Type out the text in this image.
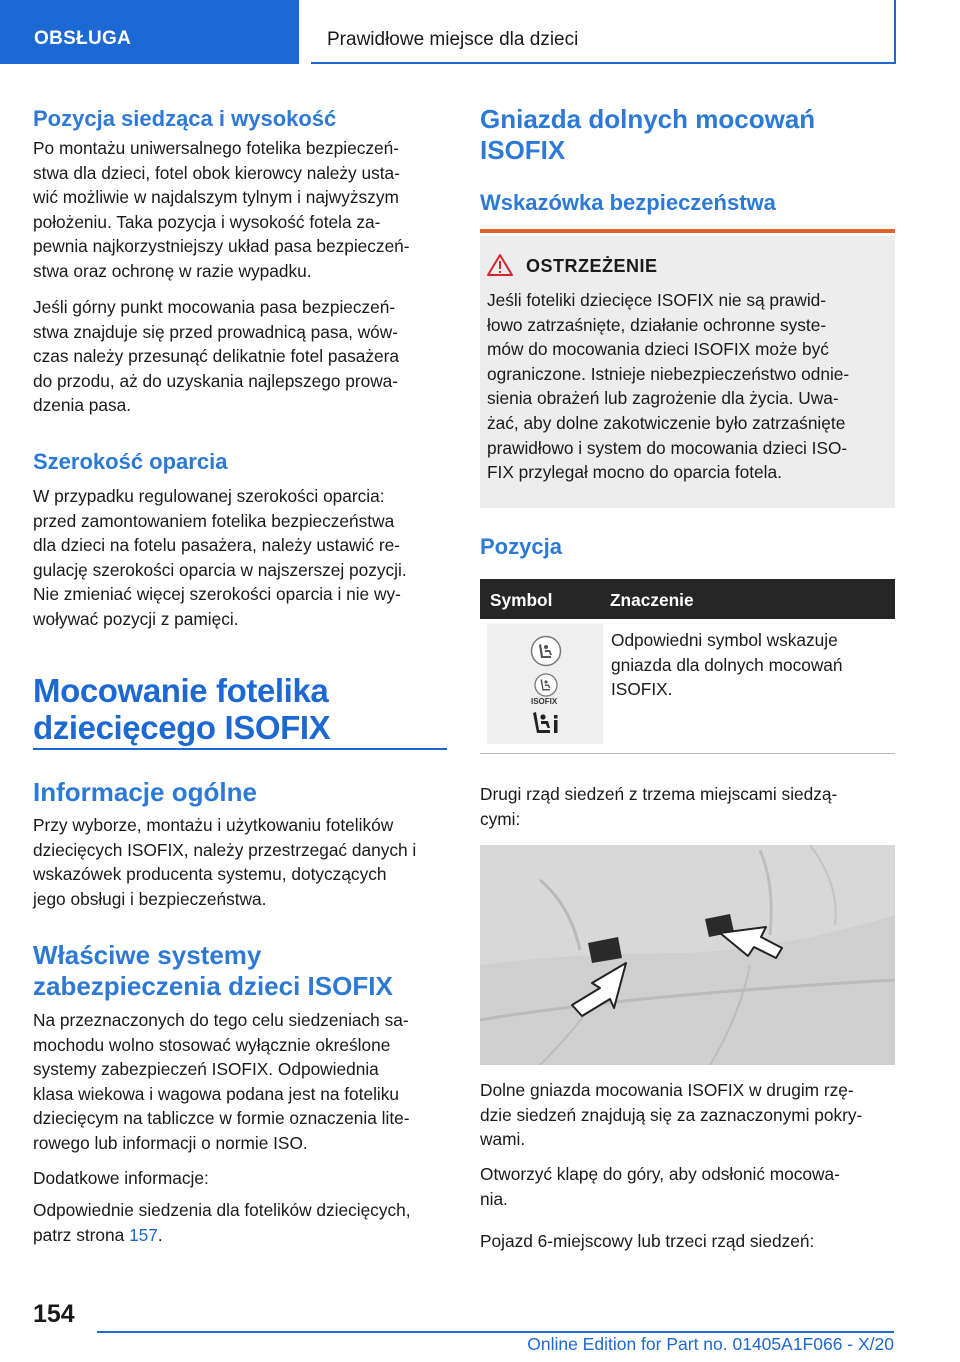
OBSŁUGA	Prawidłowe miejsce dla dzieci
Pozycja siedząca i wysokość
Po montażu uniwersalnego fotelika bezpieczeń‐
stwa dla dzieci, fotel obok kierowcy należy usta‐
wić możliwie w najdalszym tylnym i najwyższym
położeniu. Taka pozycja i wysokość fotela za‐
pewnia najkorzystniejszy układ pasa bezpieczeń‐
stwa oraz ochronę w razie wypadku.
Jeśli górny punkt mocowania pasa bezpieczeń‐
stwa znajduje się przed prowadnicą pasa, wów‐
czas należy przesunąć delikatnie fotel pasażera
do przodu, aż do uzyskania najlepszego prowa‐
dzenia pasa.
Szerokość oparcia
W przypadku regulowanej szerokości oparcia:
przed zamontowaniem fotelika bezpieczeństwa
dla dzieci na fotelu pasażera, należy ustawić re‐
gulację szerokości oparcia w najszerszej pozycji.
Nie zmieniać więcej szerokości oparcia i nie wy‐
woływać pozycji z pamięci.
Mocowanie fotelika
dziecięcego ISOFIX
Informacje ogólne
Przy wyborze, montażu i użytkowaniu fotelików
dziecięcych ISOFIX, należy przestrzegać danych i
wskazówek producenta systemu, dotyczących
jego obsługi i bezpieczeństwa.
Właściwe systemy
zabezpieczenia dzieci ISOFIX
Na przeznaczonych do tego celu siedzeniach sa‐
mochodu wolno stosować wyłącznie określone
systemy zabezpieczeń ISOFIX. Odpowiednia
klasa wiekowa i wagowa podana jest na foteliku
dziecięcym na tabliczce w formie oznaczenia lite‐
rowego lub informacji o normie ISO.
Dodatkowe informacje:
Odpowiednie siedzenia dla fotelików dziecięcych,
patrz strona 157.
Gniazda dolnych mocowań
ISOFIX
Wskazówka bezpieczeństwa
OSTRZEŻENIE
Jeśli foteliki dziecięce ISOFIX nie są prawid‐
łowo zatrzaśnięte, działanie ochronne syste‐
mów do mocowania dzieci ISOFIX może być
ograniczone. Istnieje niebezpieczeństwo odnie‐
sienia obrażeń lub zagrożenie dla życia. Uwa‐
żać, aby dolne zakotwiczenie było zatrzaśnięte
prawidłowo i system do mocowania dzieci ISO‐
FIX przylegał mocno do oparcia fotela.
Pozycja
Symbol	Znaczenie
ISOFIX
Odpowiedni symbol wskazuje
gniazda dla dolnych mocowań
ISOFIX.
Drugi rząd siedzeń z trzema miejscami siedzą‐
cymi:
Dolne gniazda mocowania ISOFIX w drugim rzę‐
dzie siedzeń znajdują się za zaznaczonymi pokry‐
wami.
Otworzyć klapę do góry, aby odsłonić mocowa‐
nia.
Pojazd 6-miejscowy lub trzeci rząd siedzeń:
154
Online Edition for Part no. 01405A1F066 - X/20
